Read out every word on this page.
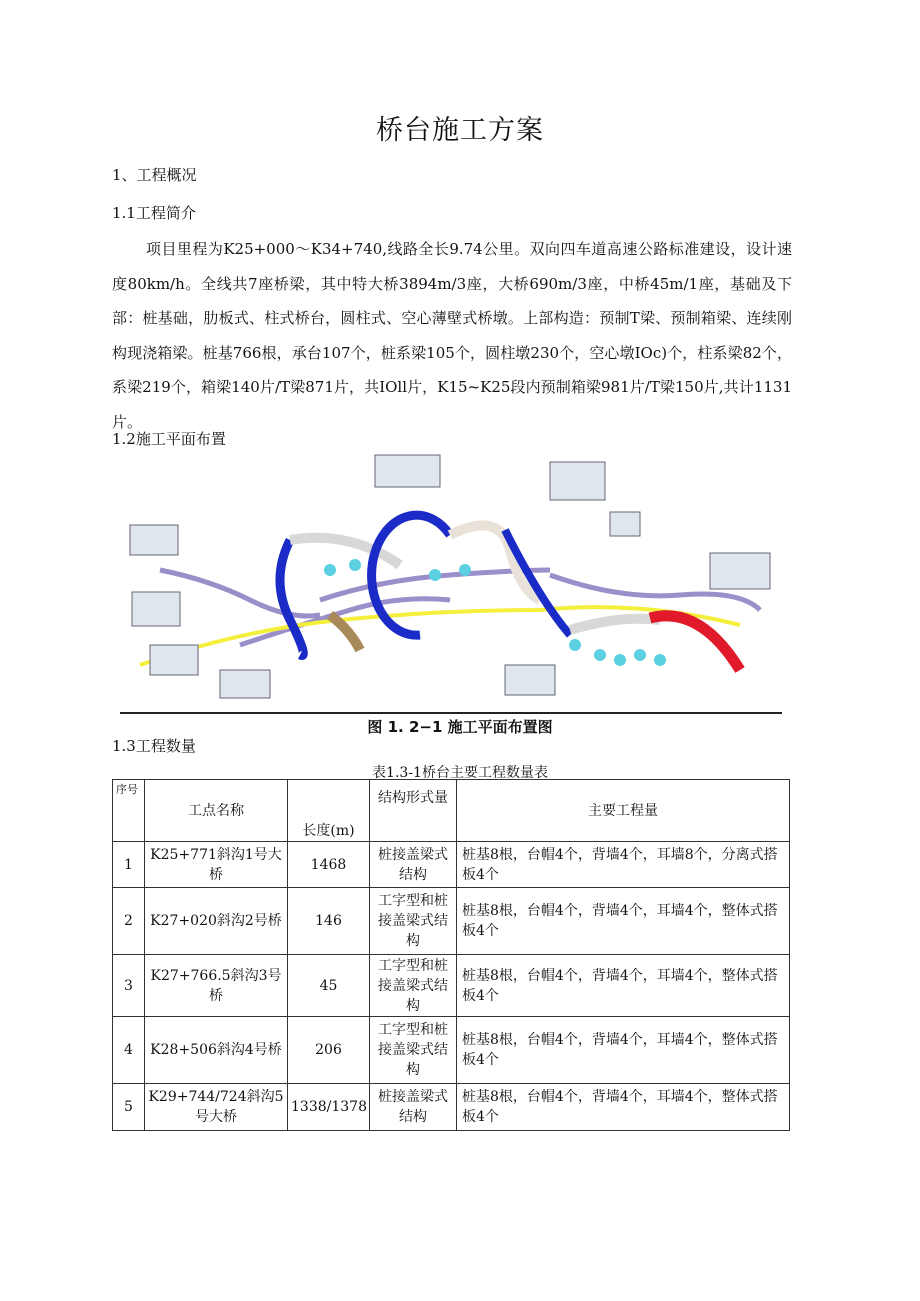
桥台施工方案
1、工程概况
1.1工程简介
项目里程为K25+000〜K34+740,线路全长9.74公里。双向四车道高速公路标准建设，设计速度80km/h。全线共7座桥梁，其中特大桥3894m/3座，大桥690m/3座，中桥45m/1座，基础及下部：桩基础，肋板式、柱式桥台，圆柱式、空心薄壁式桥墩。上部构造：预制T梁、预制箱梁、连续刚构现浇箱梁。桩基766根，承台107个，桩系梁105个，圆柱墩230个，空心墩IOc)个，柱系梁82个，系梁219个，箱梁140片/T梁871片，共IOll片，K15~K25段内预制箱梁981片/T梁150片,共计1131片。
1.2施工平面布置
图 1. 2−1 施工平面布置图
1.3工程数量
表1.3-1桥台主要工程数量表
序号	工点名称	长度(m)	结构形式量	主要工程量
1	K25+771斜沟1号大桥	1468	桩接盖梁式结构	桩基8根，台帽4个，背墙4个，耳墙8个，分离式搭板4个
2	K27+020斜沟2号桥	146	工字型和桩接盖梁式结构	桩基8根，台帽4个，背墙4个，耳墙4个，整体式搭板4个
3	K27+766.5斜沟3号桥	45	工字型和桩接盖梁式结构	桩基8根，台帽4个，背墙4个，耳墙4个，整体式搭板4个
4	K28+506斜沟4号桥	206	工字型和桩接盖梁式结构	桩基8根，台帽4个，背墙4个，耳墙4个，整体式搭板4个
5	K29+744/724斜沟5号大桥	1338/1378	桩接盖梁式结构	桩基8根，台帽4个，背墙4个，耳墙4个，整体式搭板4个
